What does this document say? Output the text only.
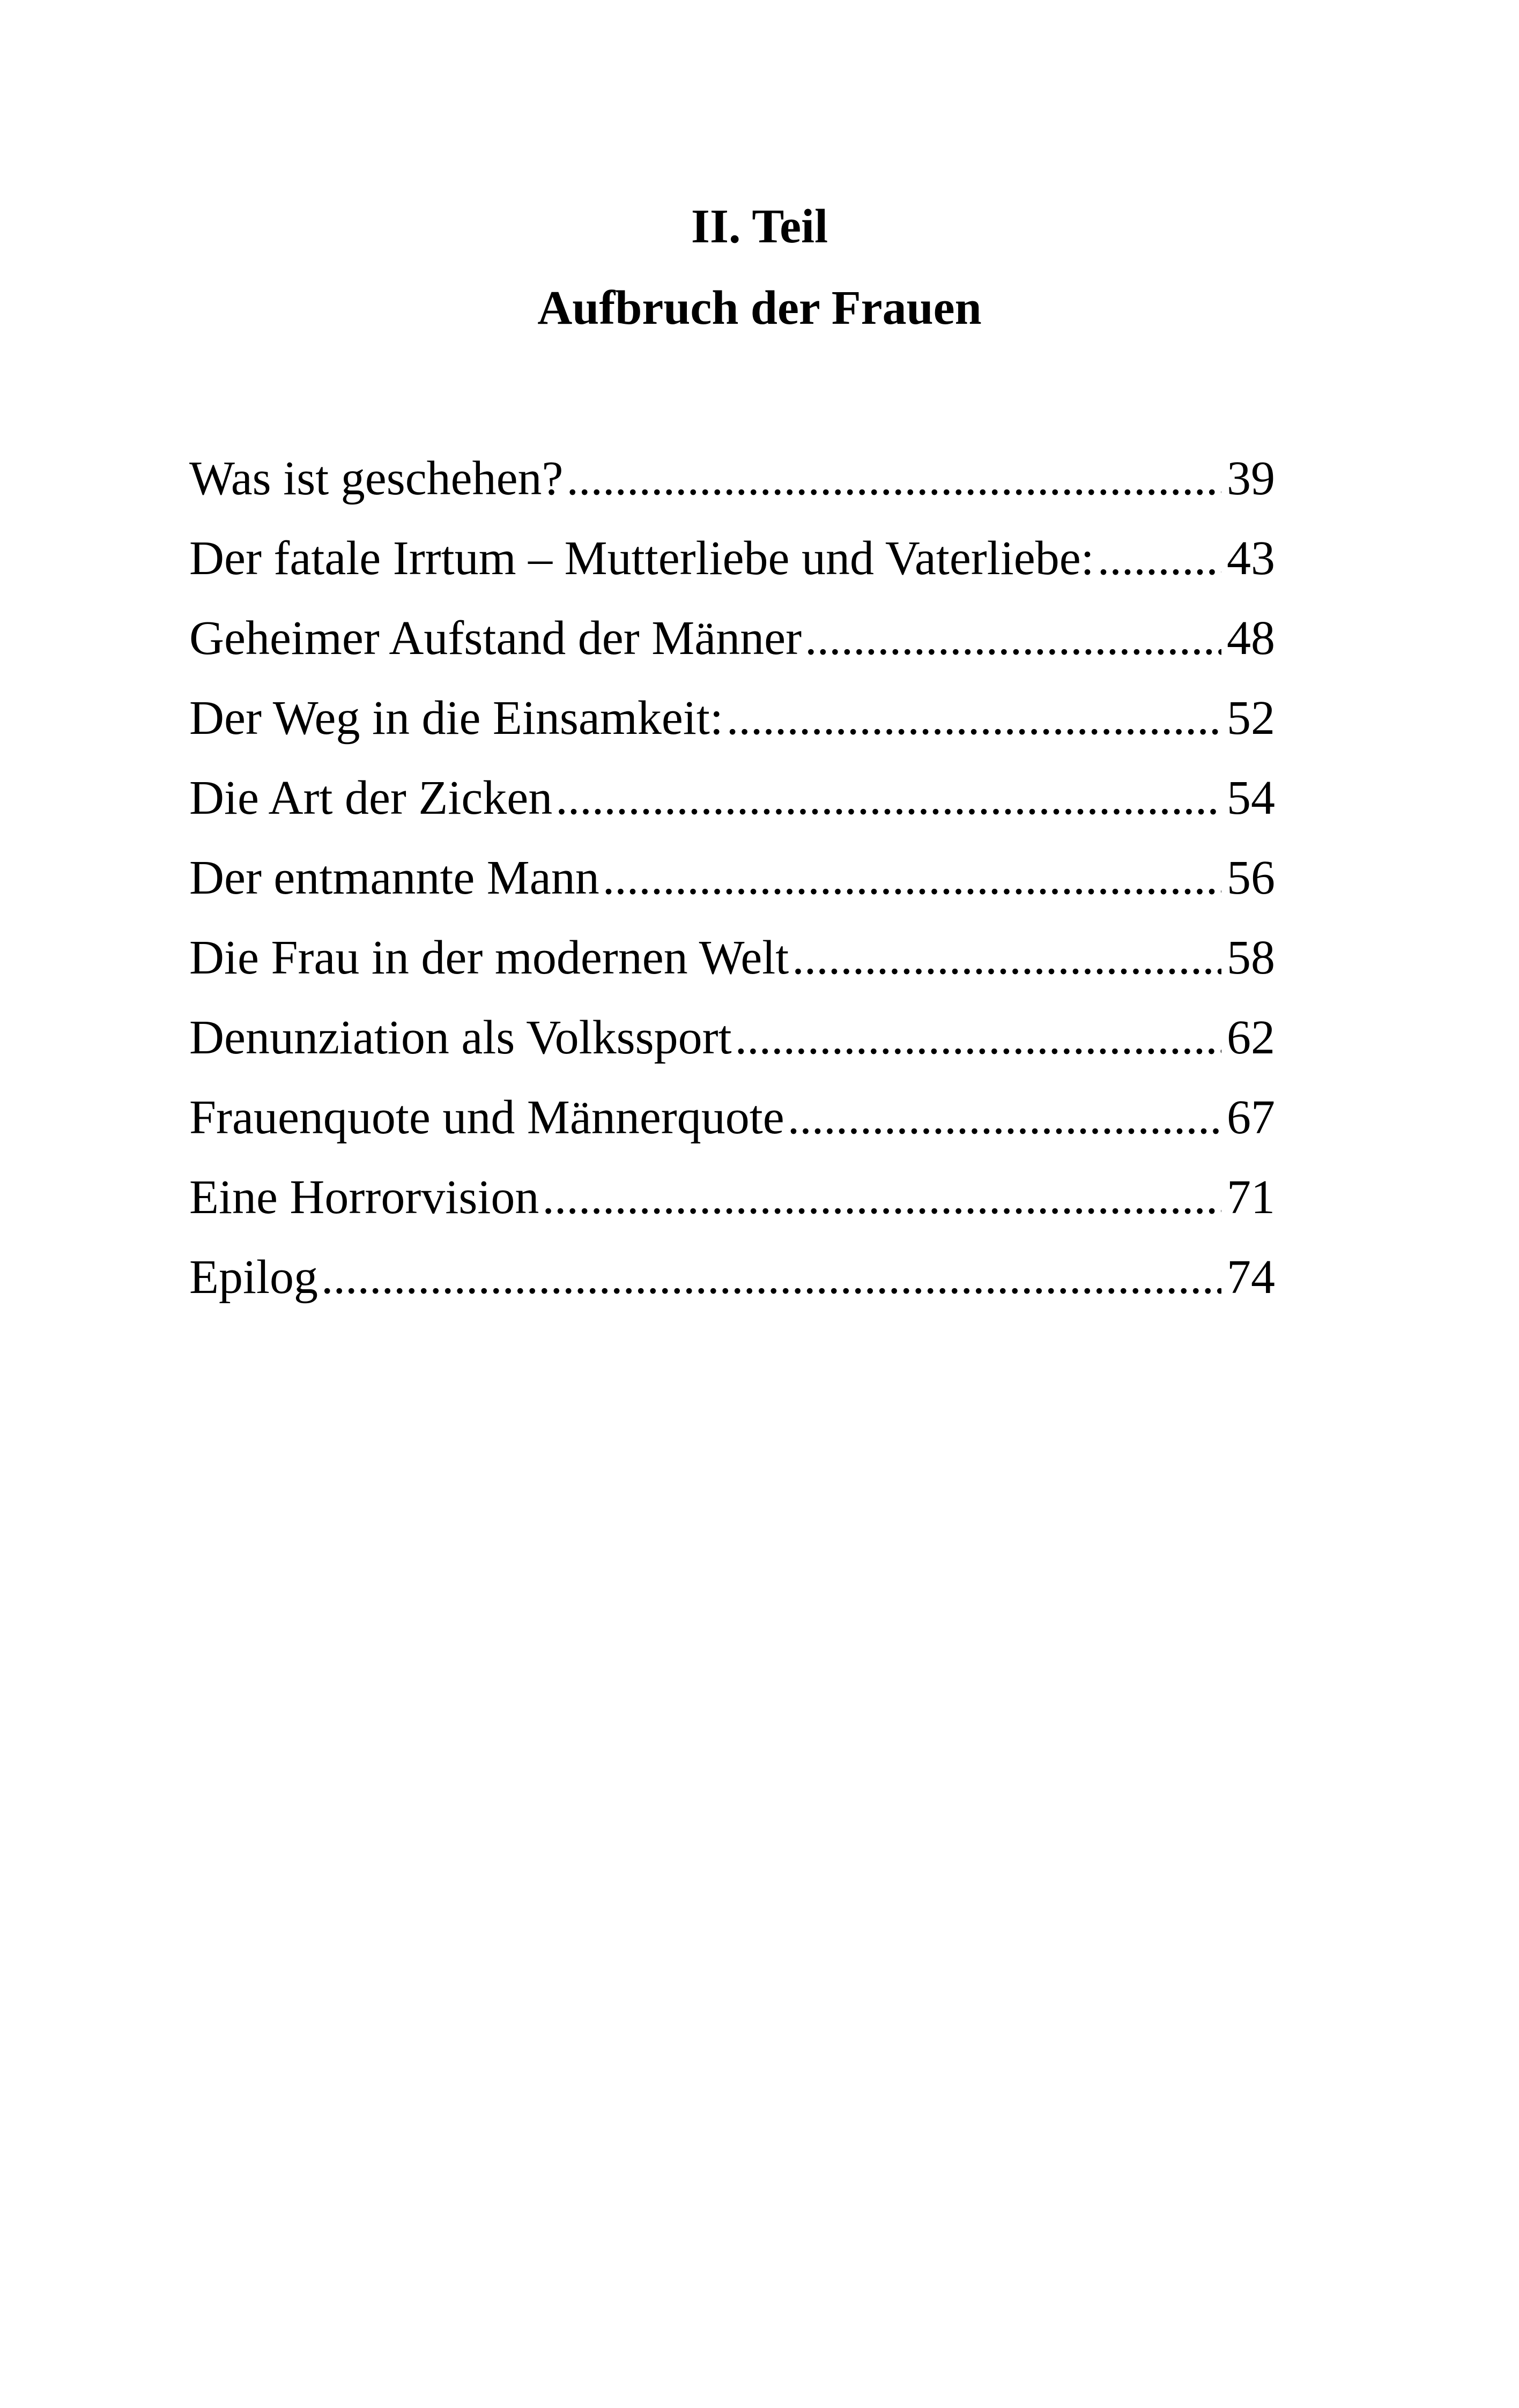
II. Teil
Aufbruch der Frauen
Was ist geschehen? .....	39
Der fatale Irrtum – Mutterliebe und Vaterliebe: .....	43
Geheimer Aufstand der Männer .....	48
Der Weg in die Einsamkeit: .....	52
Die Art der Zicken .....	54
Der entmannte Mann .....	56
Die Frau in der modernen Welt .....	58
Denunziation als Volkssport .....	62
Frauenquote und Männerquote .....	67
Eine Horrorvision .....	71
Epilog .....	74
